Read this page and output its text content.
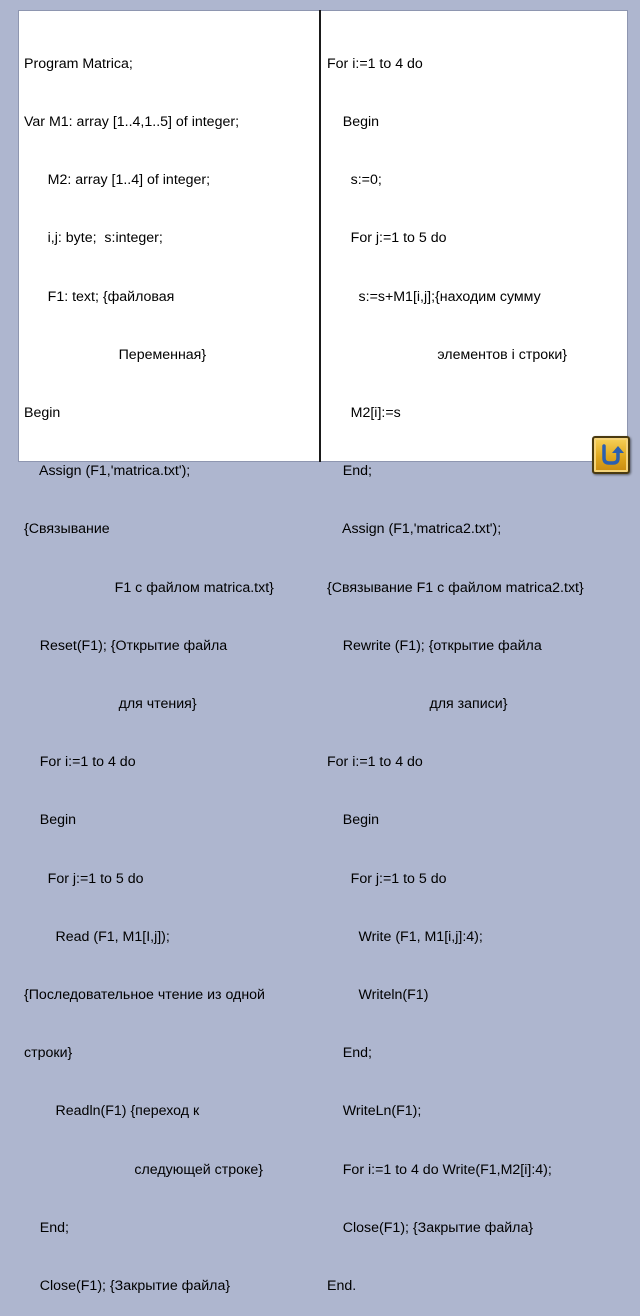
Program Matrica;

Var M1: array [1..4,1..5] of integer;

M2: array [1..4] of integer;

i,j: byte;  s:integer;

F1: text; {файловая

Переменная}

Begin

Assign (F1,'matrica.txt');

{Связывание

F1 с файлом matrica.txt}

Reset(F1); {Открытие файла

для чтения}

For i:=1 to 4 do

Begin

For j:=1 to 5 do

Read (F1, M1[I,j]);

{Последовательное чтение из одной

строки}

Readln(F1) {переход к

следующей строке}

End;

Close(F1); {Закрытие файла}

For i:=1 to 4 do

Begin

s:=0;

For j:=1 to 5 do

s:=s+M1[i,j];{находим сумму

элементов i строки}

M2[i]:=s

End;

Assign (F1,'matrica2.txt');

{Связывание F1 с файлом matrica2.txt}

Rewrite (F1); {открытие файла

для записи}

For i:=1 to 4 do

Begin

For j:=1 to 5 do

Write (F1, M1[i,j]:4);

Writeln(F1)

End;

WriteLn(F1);

For i:=1 to 4 do Write(F1,M2[i]:4);

Close(F1); {Закрытие файла}

End.
